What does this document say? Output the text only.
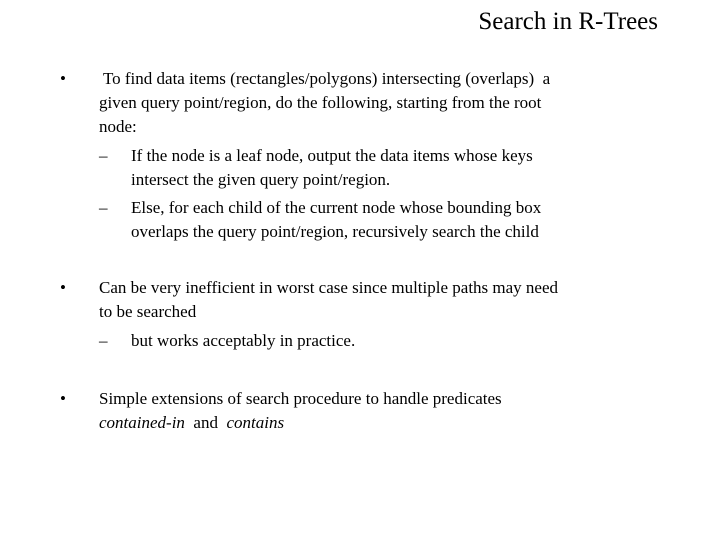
Search in R-Trees
• To find data items (rectangles/polygons) intersecting (overlaps)  a
given query point/region, do the following, starting from the root
node:
– If the node is a leaf node, output the data items whose keys
intersect the given query point/region.
– Else, for each child of the current node whose bounding box
overlaps the query point/region, recursively search the child
• Can be very inefficient in worst case since multiple paths may need
to be searched
– but works acceptably in practice.
• Simple extensions of search procedure to handle predicates
contained-in  and  contains
